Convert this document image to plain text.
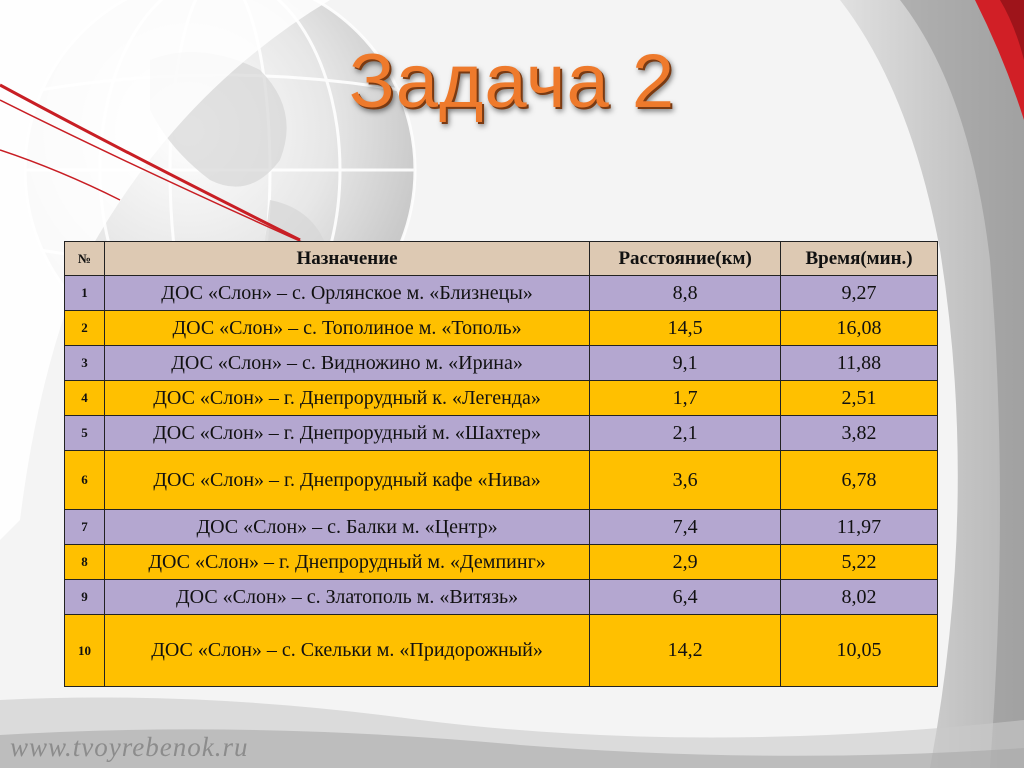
Задача 2
№	Назначение	Расстояние(км)	Время(мин.)
1	ДОС «Слон» – с. Орлянское м. «Близнецы»	8,8	9,27
2	ДОС «Слон» – с. Тополиное м. «Тополь»	14,5	16,08
3	ДОС «Слон» – с. Видножино м. «Ирина»	9,1	11,88
4	ДОС «Слон» – г. Днепрорудный к. «Легенда»	1,7	2,51
5	ДОС «Слон» – г. Днепрорудный м. «Шахтер»	2,1	3,82
6	ДОС «Слон» – г. Днепрорудный кафе «Нива»	3,6	6,78
7	ДОС «Слон» – с. Балки м. «Центр»	7,4	11,97
8	ДОС «Слон» – г. Днепрорудный м. «Демпинг»	2,9	5,22
9	ДОС «Слон» – с. Златополь м. «Витязь»	6,4	8,02
10	ДОС «Слон» – с. Скельки м. «Придорожный»	14,2	10,05
www.tvoyrebenok.ru
